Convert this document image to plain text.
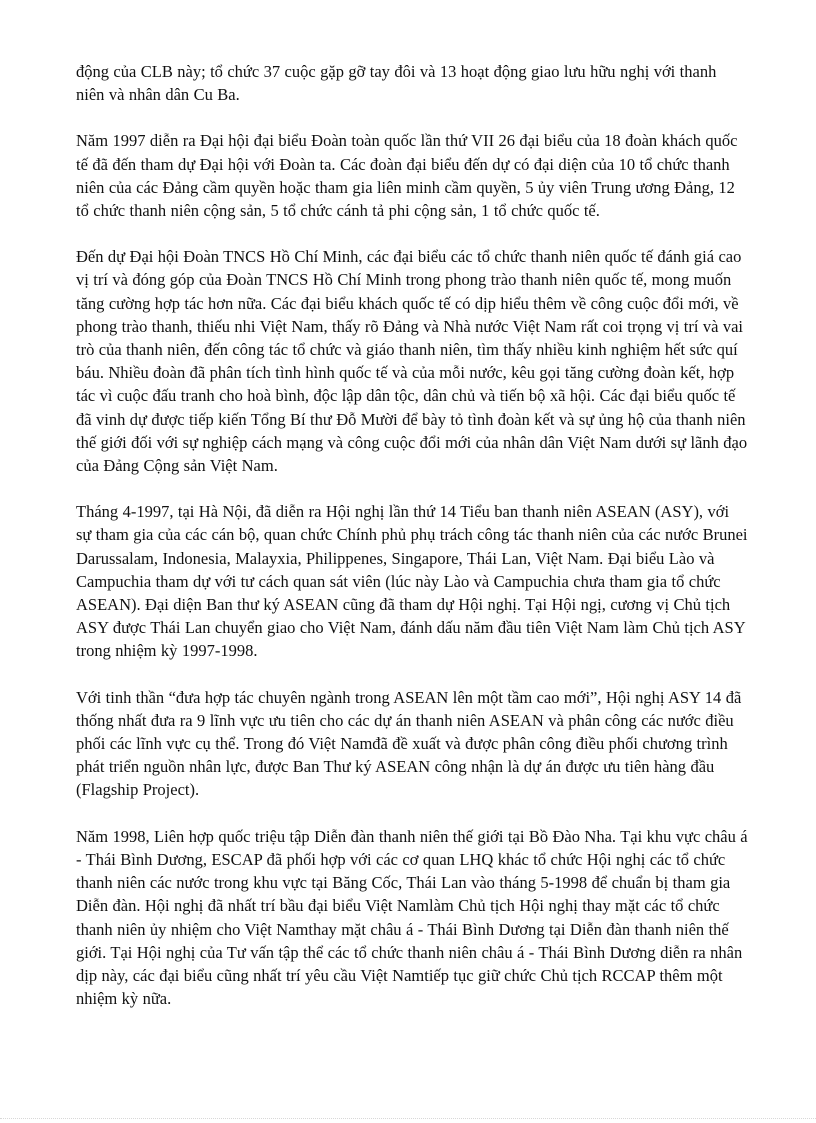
động của CLB này; tổ chức 37 cuộc gặp gỡ tay đôi và 13 hoạt động giao lưu hữu nghị với thanh niên và nhân dân Cu Ba.

Năm 1997 diễn ra Đại hội đại biểu Đoàn toàn quốc lần thứ VII 26 đại biểu của 18 đoàn khách quốc tế đã đến tham dự Đại hội với Đoàn ta. Các đoàn đại biểu đến dự có đại diện của 10 tổ chức thanh niên của các Đảng cầm quyền hoặc tham gia liên minh cầm quyền, 5 ủy viên Trung ương Đảng, 12 tổ chức thanh niên cộng sản, 5 tổ chức cánh tả phi cộng sản, 1 tổ chức quốc tế.

Đến dự Đại hội Đoàn TNCS Hồ Chí Minh, các đại biểu các tổ chức thanh niên quốc tế đánh giá cao vị trí và đóng góp của Đoàn TNCS Hồ Chí Minh trong phong trào thanh niên quốc tế, mong muốn tăng cường hợp tác hơn nữa. Các đại biểu khách quốc tế có dịp hiểu thêm về công cuộc đổi mới, về phong trào thanh, thiếu nhi Việt Nam, thấy rõ Đảng và Nhà nước Việt Nam rất coi trọng vị trí và vai trò của thanh niên, đến công tác tổ chức và giáo thanh niên, tìm thấy nhiều kinh nghiệm hết sức quí báu. Nhiều đoàn đã phân tích tình hình quốc tế và của mỗi nước, kêu gọi tăng cường đoàn kết, hợp tác vì cuộc đấu tranh cho hoà bình, độc lập dân tộc, dân chủ và tiến bộ xã hội. Các đại biểu quốc tế đã vinh dự được tiếp kiến Tổng Bí thư Đỗ Mười để bày tỏ tình đoàn kết và sự ủng hộ của thanh niên thế giới đối với sự nghiệp cách mạng và công cuộc đổi mới của nhân dân Việt Nam dưới sự lãnh đạo của Đảng Cộng sản Việt Nam.

Tháng 4-1997, tại Hà Nội, đã diễn ra Hội nghị lần thứ 14 Tiểu ban thanh niên ASEAN (ASY), với sự tham gia của các cán bộ, quan chức Chính phủ phụ trách công tác thanh niên của các nước Brunei Darussalam, Indonesia, Malayxia, Philippenes, Singapore, Thái Lan, Việt Nam. Đại biểu Lào và Campuchia tham dự với tư cách quan sát viên (lúc này Lào và Campuchia chưa tham gia tổ chức ASEAN). Đại diện Ban thư ký ASEAN cũng đã tham dự Hội nghị. Tại Hội ngị, cương vị Chủ tịch ASY được Thái Lan chuyển giao cho Việt Nam, đánh dấu năm đầu tiên Việt Nam làm Chủ tịch ASY trong nhiệm kỳ 1997-1998.

Với tinh thần “đưa hợp tác chuyên ngành trong ASEAN lên một tầm cao mới”, Hội nghị ASY 14 đã thống nhất đưa ra 9 lĩnh vực ưu tiên cho các dự án thanh niên ASEAN và phân công các nước điều phối các lĩnh vực cụ thể. Trong đó Việt Namđã đề xuất và được phân công điều phối chương trình phát triển nguồn nhân lực, được Ban Thư ký ASEAN công nhận là dự án được ưu tiên hàng đầu (Flagship Project).

Năm 1998, Liên hợp quốc triệu tập Diễn đàn thanh niên thế giới tại Bồ Đào Nha. Tại khu vực châu á - Thái Bình Dương, ESCAP đã phối hợp với các cơ quan LHQ khác tổ chức Hội nghị các tổ chức thanh niên các nước trong khu vực tại Băng Cốc, Thái Lan vào tháng 5-1998 để chuẩn bị tham gia Diễn đàn. Hội nghị đã nhất trí bầu đại biểu Việt Namlàm Chủ tịch Hội nghị thay mặt các tổ chức thanh niên ủy nhiệm cho Việt Namthay mặt châu á - Thái Bình Dương tại Diễn đàn thanh niên thế giới. Tại Hội nghị của Tư vấn tập thể các tổ chức thanh niên châu á - Thái Bình Dương diễn ra nhân dịp này, các đại biểu cũng nhất trí yêu cầu Việt Namtiếp tục giữ chức Chủ tịch RCCAP thêm một nhiệm kỳ nữa.
